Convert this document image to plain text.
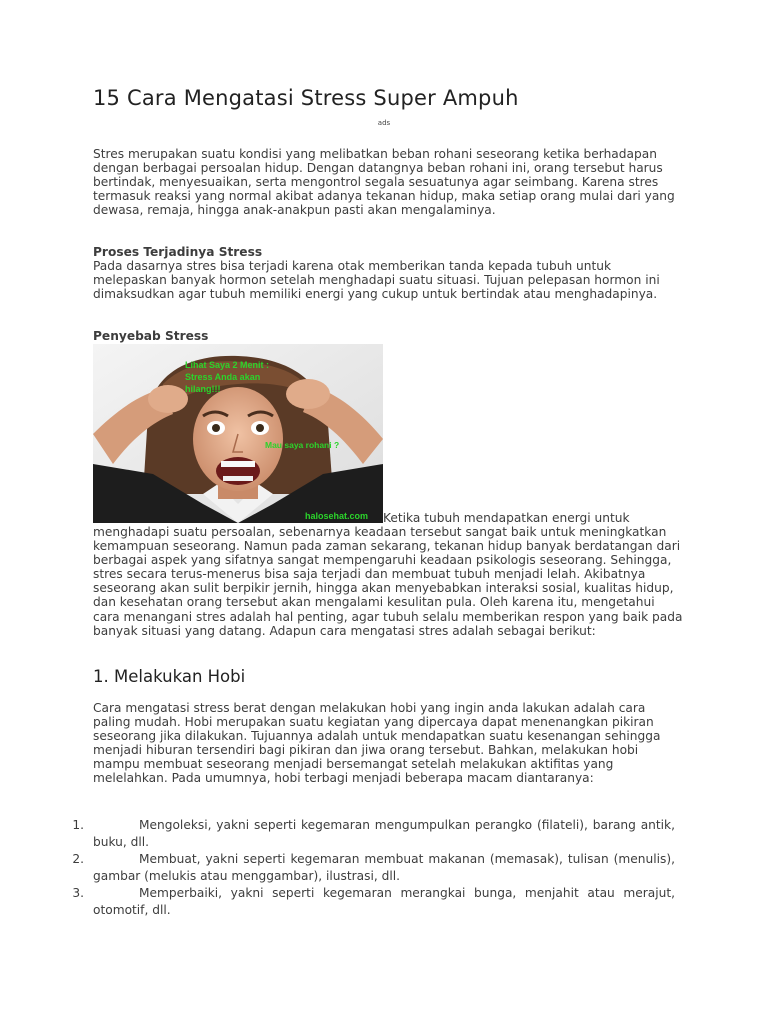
15 Cara Mengatasi Stress Super Ampuh
ads

Stres merupakan suatu kondisi yang melibatkan beban rohani seseorang ketika berhadapan dengan berbagai persoalan hidup. Dengan datangnya beban rohani ini, orang tersebut harus bertindak, menyesuaikan, serta mengontrol segala sesuatunya agar seimbang. Karena stres termasuk reaksi yang normal akibat adanya tekanan hidup, maka setiap orang mulai dari yang dewasa, remaja, hingga anak-anakpun pasti akan mengalaminya.

Proses Terjadinya Stress

Pada dasarnya stres bisa terjadi karena otak memberikan tanda kepada tubuh untuk melepaskan banyak hormon setelah menghadapi suatu situasi. Tujuan pelepasan hormon ini dimaksudkan agar tubuh memiliki energi yang cukup untuk bertindak atau menghadapinya.

Penyebab Stress

Lihat Saya 2 Menit :
Stress Anda akan
hilang!!!
Mau saya rohani ?
halosehat.com Ketika tubuh mendapatkan energi untuk

menghadapi suatu persoalan, sebenarnya keadaan tersebut sangat baik untuk meningkatkan kemampuan seseorang. Namun pada zaman sekarang, tekanan hidup banyak berdatangan dari berbagai aspek yang sifatnya sangat mempengaruhi keadaan psikologis seseorang. Sehingga, stres secara terus-menerus bisa saja terjadi dan membuat tubuh menjadi lelah. Akibatnya seseorang akan sulit berpikir jernih, hingga akan menyebabkan interaksi sosial, kualitas hidup, dan kesehatan orang tersebut akan mengalami kesulitan pula. Oleh karena itu, mengetahui cara menangani stres adalah hal penting, agar tubuh selalu memberikan respon yang baik pada banyak situasi yang datang. Adapun cara mengatasi stres adalah sebagai berikut:

1. Melakukan Hobi

Cara mengatasi stress berat dengan melakukan hobi yang ingin anda lakukan adalah cara paling mudah. Hobi merupakan suatu kegiatan yang dipercaya dapat menenangkan pikiran seseorang jika dilakukan. Tujuannya adalah untuk mendapatkan suatu kesenangan sehingga menjadi hiburan tersendiri bagi pikiran dan jiwa orang tersebut. Bahkan, melakukan hobi mampu membuat seseorang menjadi bersemangat setelah melakukan aktifitas yang melelahkan. Pada umumnya, hobi terbagi menjadi beberapa macam diantaranya:

1.	Mengoleksi, yakni seperti kegemaran mengumpulkan perangko (filateli), barang antik, buku, dll.
2.	Membuat, yakni seperti kegemaran membuat makanan (memasak), tulisan (menulis), gambar (melukis atau menggambar), ilustrasi, dll.
3.	Memperbaiki, yakni seperti kegemaran merangkai bunga, menjahit atau merajut, otomotif, dll.
